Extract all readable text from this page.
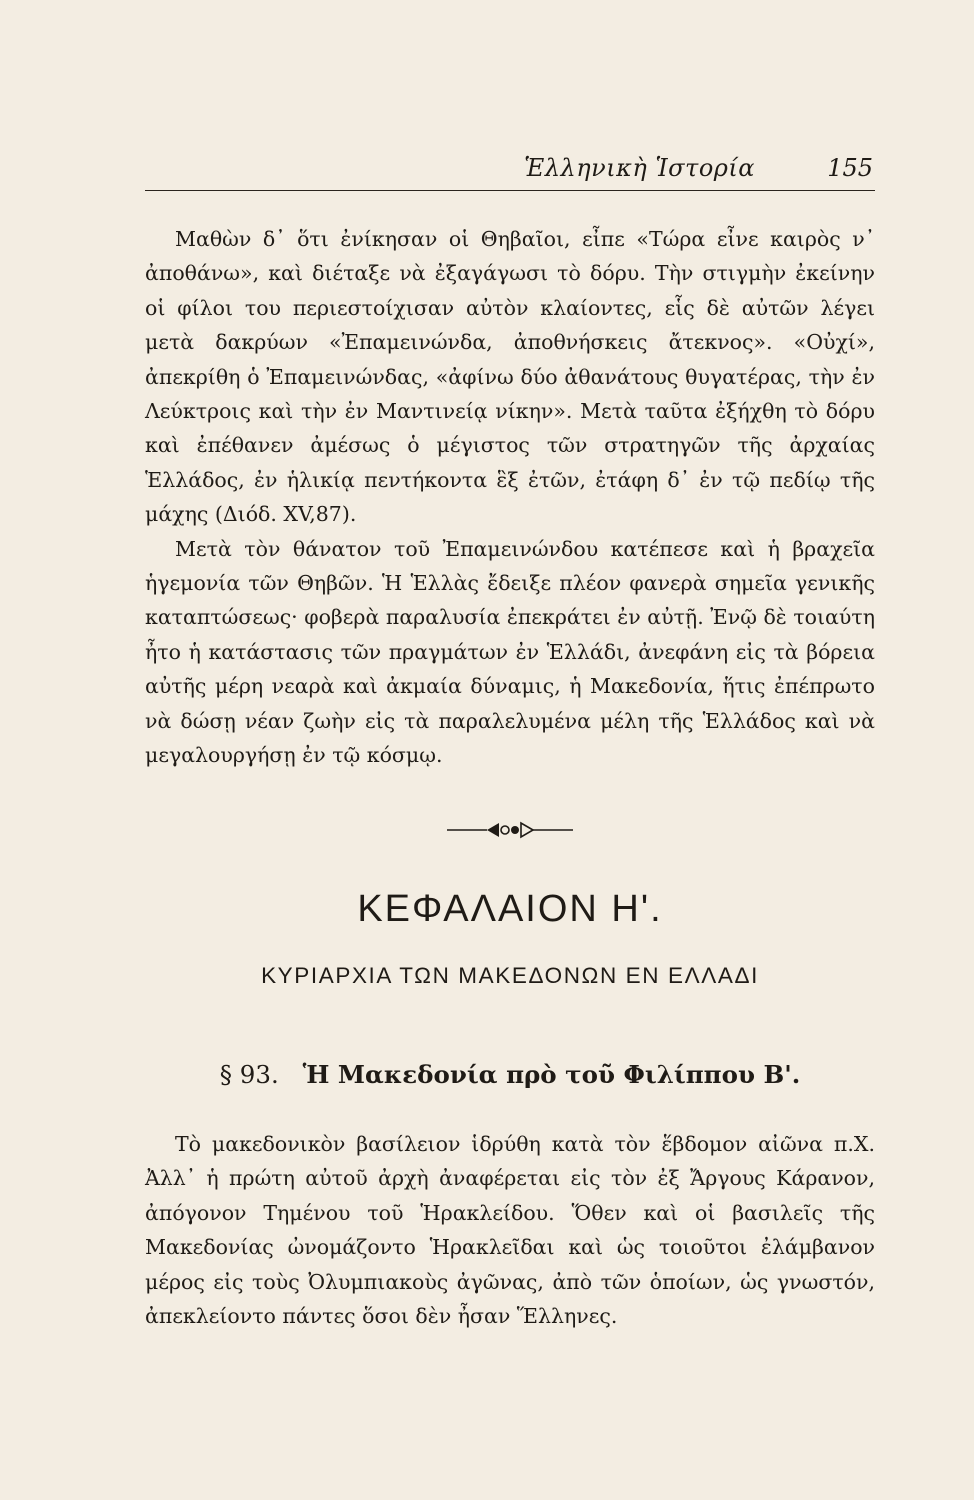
Ἑλληνικὴ Ἱστορία	155

Μαθὼν δ᾽ ὅτι ἐνίκησαν οἱ Θηβαῖοι, εἶπε «Τώρα εἶνε καιρὸς ν᾽ ἀποθάνω», καὶ διέταξε νὰ ἐξαγάγωσι τὸ δόρυ. Τὴν στιγμὴν ἐκείνην οἱ φίλοι του περιεστοίχισαν αὐτὸν κλαίοντες, εἷς δὲ αὐτῶν λέγει μετὰ δακρύων «Ἐπαμεινώνδα, ἀποθνήσκεις ἄτεκνος». «Οὐχί», ἀπεκρίθη ὁ Ἐπαμεινώνδας, «ἀφίνω δύο ἀθανάτους θυγατέρας, τὴν ἐν Λεύκτροις καὶ τὴν ἐν Μαντινείᾳ νίκην». Μετὰ ταῦτα ἐξήχθη τὸ δόρυ καὶ ἐπέθανεν ἀμέσως ὁ μέγιστος τῶν στρατηγῶν τῆς ἀρχαίας Ἑλλάδος, ἐν ἡλικίᾳ πεντήκοντα ἓξ ἐτῶν, ἐτάφη δ᾽ ἐν τῷ πεδίῳ τῆς μάχης (Διόδ. XV,87).

Μετὰ τὸν θάνατον τοῦ Ἐπαμεινώνδου κατέπεσε καὶ ἡ βραχεῖα ἡγεμονία τῶν Θηβῶν. Ἡ Ἑλλὰς ἔδειξε πλέον φανερὰ σημεῖα γενικῆς καταπτώσεως· φοβερὰ παραλυσία ἐπεκράτει ἐν αὐτῇ. Ἐνῷ δὲ τοιαύτη ἦτο ἡ κατάστασις τῶν πραγμάτων ἐν Ἑλλάδι, ἀνεφάνη εἰς τὰ βόρεια αὐτῆς μέρη νεαρὰ καὶ ἀκμαία δύναμις, ἡ Μακεδονία, ἥτις ἐπέπρωτο νὰ δώσῃ νέαν ζωὴν εἰς τὰ παραλελυμένα μέλη τῆς Ἑλλάδος καὶ νὰ μεγαλουργήσῃ ἐν τῷ κόσμῳ.

ΚΕΦΑΛΑΙΟΝ Η'.
ΚΥΡΙΑΡΧΙΑ ΤΩΝ ΜΑΚΕΔΟΝΩΝ ΕΝ ΕΛΛΑΔΙ
§ 93. Ἡ Μακεδονία πρὸ τοῦ Φιλίππου Β'.

Τὸ μακεδονικὸν βασίλειον ἱδρύθη κατὰ τὸν ἕβδομον αἰῶνα π.Χ. Ἀλλ᾽ ἡ πρώτη αὐτοῦ ἀρχὴ ἀναφέρεται εἰς τὸν ἐξ Ἄργους Κάρανον, ἀπόγονον Τημένου τοῦ Ἡρακλείδου. Ὅθεν καὶ οἱ βασιλεῖς τῆς Μακεδονίας ὠνομάζοντο Ἡρακλεῖδαι καὶ ὡς τοιοῦτοι ἐλάμβανον μέρος εἰς τοὺς Ὀλυμπιακοὺς ἀγῶνας, ἀπὸ τῶν ὁποίων, ὡς γνωστόν, ἀπεκλείοντο πάντες ὅσοι δὲν ἦσαν Ἕλληνες.
